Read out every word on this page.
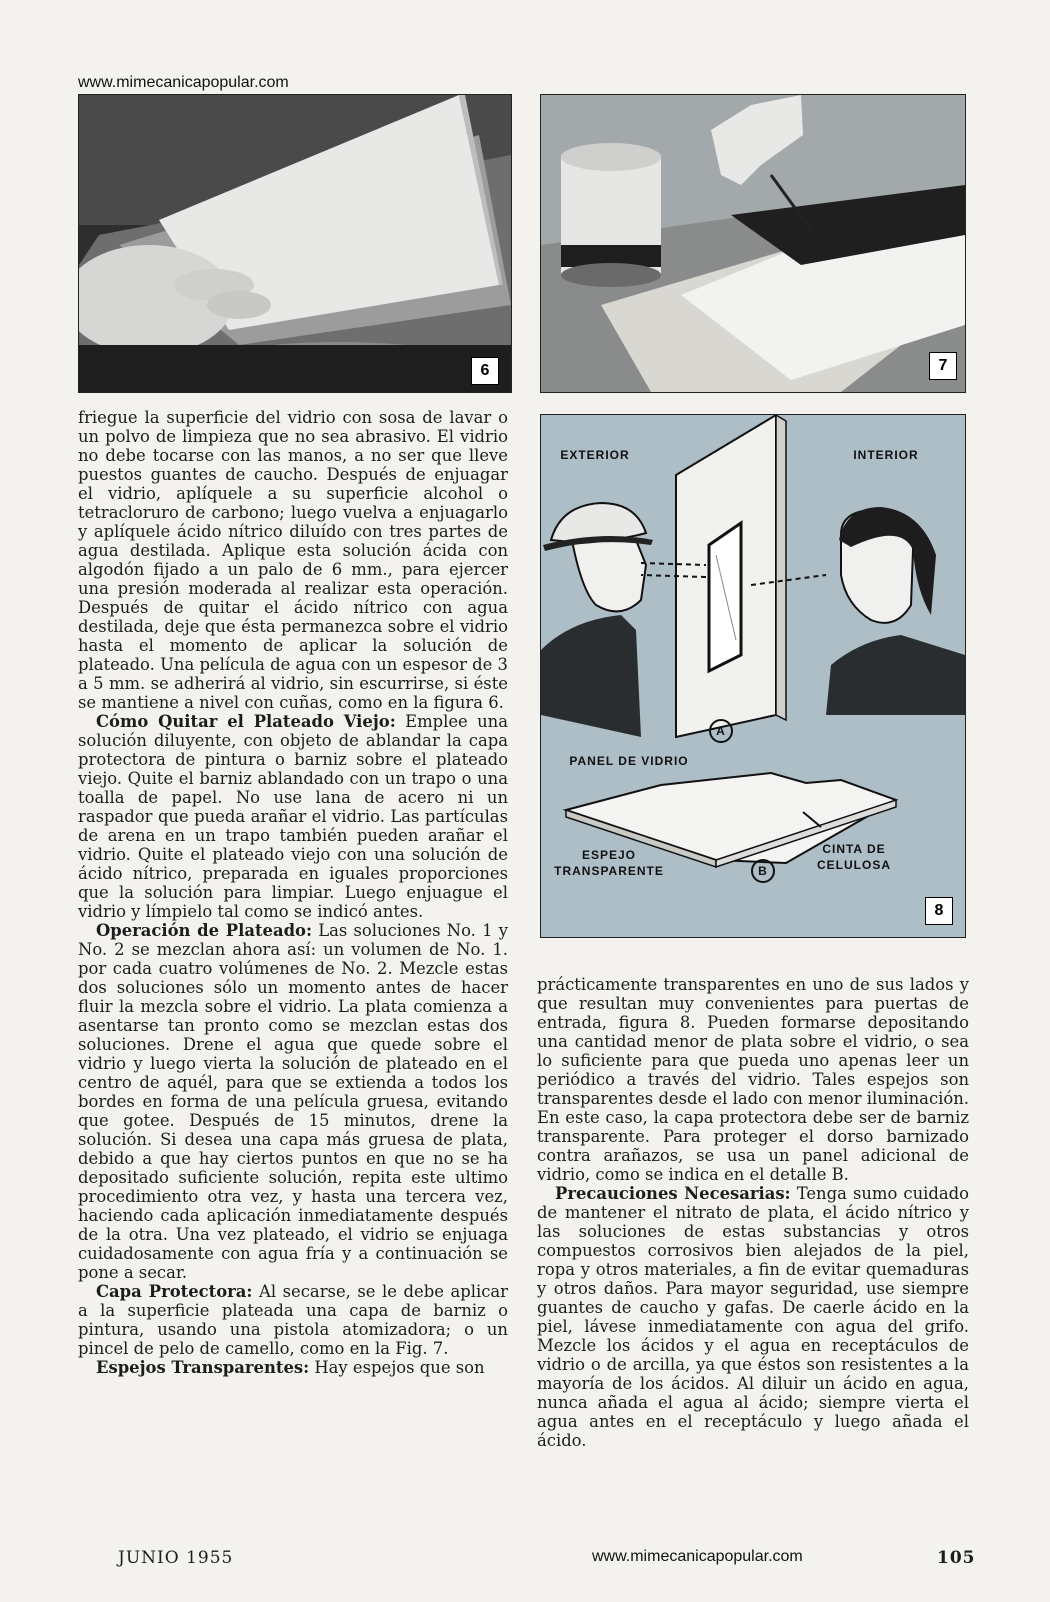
www.mimecanicapopular.com
6	7
EXTERIOR	INTERIOR
A
PANEL DE VIDRIO
ESPEJO
TRANSPARENTE	B
CINTA DE
CELULOSA
8

friegue la superficie del vidrio con sosa de lavar o un polvo de limpieza que no sea abrasivo. El vidrio no debe tocarse con las manos, a no ser que lleve puestos guantes de caucho. Después de enjuagar el vidrio, aplíquele a su superficie alcohol o tetracloruro de carbono; luego vuelva a enjuagarlo y aplíquele ácido nítrico diluído con tres partes de agua destilada. Aplique esta solución ácida con algodón fijado a un palo de 6 mm., para ejercer una presión moderada al realizar esta operación. Después de quitar el ácido nítrico con agua destilada, deje que ésta permanezca sobre el vidrio hasta el momento de aplicar la solución de plateado. Una película de agua con un espesor de 3 a 5 mm. se adherirá al vidrio, sin escurrirse, si éste se mantiene a nivel con cuñas, como en la figura 6.

Cómo Quitar el Plateado Viejo: Emplee una solución diluyente, con objeto de ablandar la capa protectora de pintura o barniz sobre el plateado viejo. Quite el barniz ablandado con un trapo o una toalla de papel. No use lana de acero ni un raspador que pueda arañar el vidrio. Las partículas de arena en un trapo también pueden arañar el vidrio. Quite el plateado viejo con una solución de ácido nítrico, preparada en iguales proporciones que la solución para limpiar. Luego enjuague el vidrio y límpielo tal como se indicó antes.

Operación de Plateado: Las soluciones No. 1 y No. 2 se mezclan ahora así: un volumen de No. 1. por cada cuatro volúmenes de No. 2. Mezcle estas dos soluciones sólo un momento antes de hacer fluir la mezcla sobre el vidrio. La plata comienza a asentarse tan pronto como se mezclan estas dos soluciones. Drene el agua que quede sobre el vidrio y luego vierta la solución de plateado en el centro de aquél, para que se extienda a todos los bordes en forma de una película gruesa, evitando que gotee. Después de 15 minutos, drene la solución. Si desea una capa más gruesa de plata, debido a que hay ciertos puntos en que no se ha depositado suficiente solución, repita este ultimo procedimiento otra vez, y hasta una tercera vez, haciendo cada aplicación inmediatamente después de la otra. Una vez plateado, el vidrio se enjuaga cuidadosamente con agua fría y a continuación se pone a secar.

Capa Protectora: Al secarse, se le debe aplicar a la superficie plateada una capa de barniz o pintura, usando una pistola atomizadora; o un pincel de pelo de camello, como en la Fig. 7.

Espejos Transparentes: Hay espejos que son

prácticamente transparentes en uno de sus lados y que resultan muy convenientes para puertas de entrada, figura 8. Pueden formarse depositando una cantidad menor de plata sobre el vidrio, o sea lo suficiente para que pueda uno apenas leer un periódico a través del vidrio. Tales espejos son transparentes desde el lado con menor iluminación. En este caso, la capa protectora debe ser de barniz transparente. Para proteger el dorso barnizado contra arañazos, se usa un panel adicional de vidrio, como se indica en el detalle B.

Precauciones Necesarias: Tenga sumo cuidado de mantener el nitrato de plata, el ácido nítrico y las soluciones de estas substancias y otros compuestos corrosivos bien alejados de la piel, ropa y otros materiales, a fin de evitar quemaduras y otros daños. Para mayor seguridad, use siempre guantes de caucho y gafas. De caerle ácido en la piel, lávese inmediatamente con agua del grifo. Mezcle los ácidos y el agua en receptáculos de vidrio o de arcilla, ya que éstos son resistentes a la mayoría de los ácidos. Al diluir un ácido en agua, nunca añada el agua al ácido; siempre vierta el agua antes en el receptáculo y luego añada el ácido.

JUNIO 1955	www.mimecanicapopular.com	105
